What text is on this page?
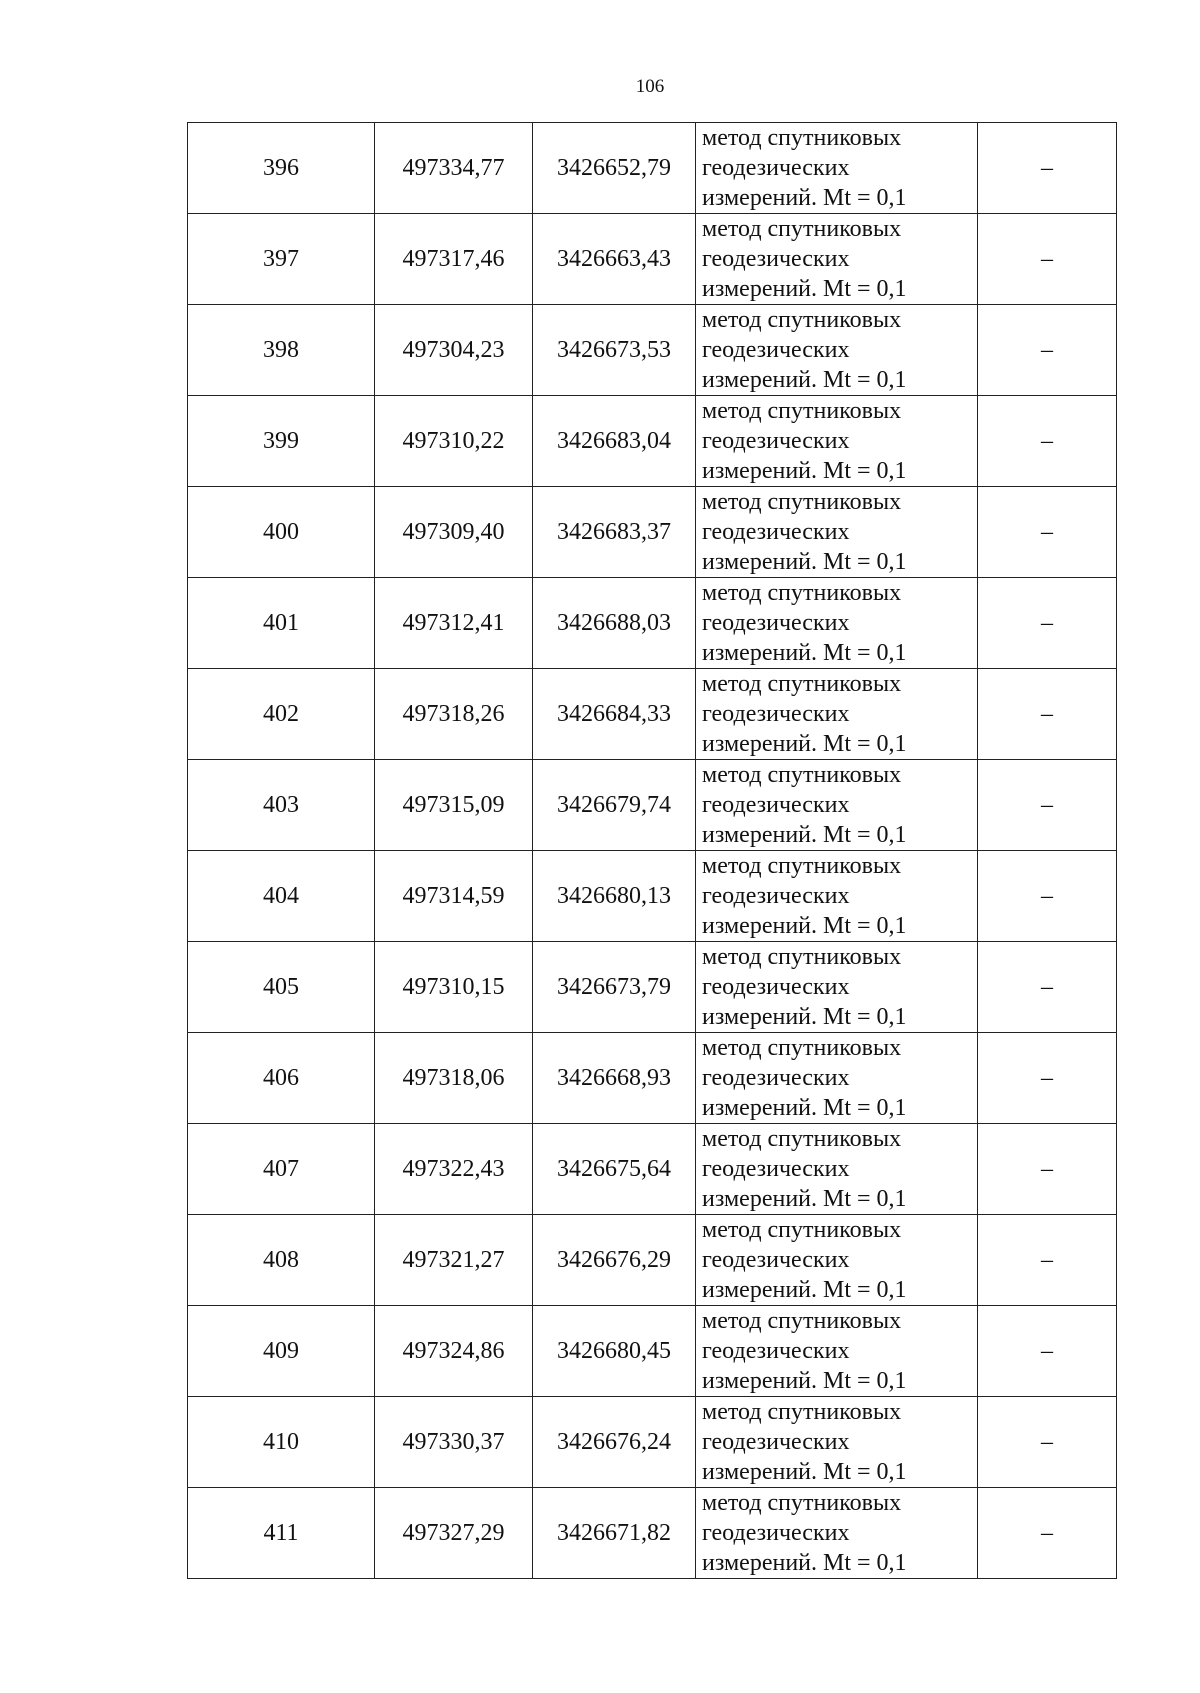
106
396	497334,77	3426652,79	метод спутниковых
геодезических
измерений. Mt = 0,1	–
397	497317,46	3426663,43	метод спутниковых
геодезических
измерений. Mt = 0,1	–
398	497304,23	3426673,53	метод спутниковых
геодезических
измерений. Mt = 0,1	–
399	497310,22	3426683,04	метод спутниковых
геодезических
измерений. Mt = 0,1	–
400	497309,40	3426683,37	метод спутниковых
геодезических
измерений. Mt = 0,1	–
401	497312,41	3426688,03	метод спутниковых
геодезических
измерений. Mt = 0,1	–
402	497318,26	3426684,33	метод спутниковых
геодезических
измерений. Mt = 0,1	–
403	497315,09	3426679,74	метод спутниковых
геодезических
измерений. Mt = 0,1	–
404	497314,59	3426680,13	метод спутниковых
геодезических
измерений. Mt = 0,1	–
405	497310,15	3426673,79	метод спутниковых
геодезических
измерений. Mt = 0,1	–
406	497318,06	3426668,93	метод спутниковых
геодезических
измерений. Mt = 0,1	–
407	497322,43	3426675,64	метод спутниковых
геодезических
измерений. Mt = 0,1	–
408	497321,27	3426676,29	метод спутниковых
геодезических
измерений. Mt = 0,1	–
409	497324,86	3426680,45	метод спутниковых
геодезических
измерений. Mt = 0,1	–
410	497330,37	3426676,24	метод спутниковых
геодезических
измерений. Mt = 0,1	–
411	497327,29	3426671,82	метод спутниковых
геодезических
измерений. Mt = 0,1	–
